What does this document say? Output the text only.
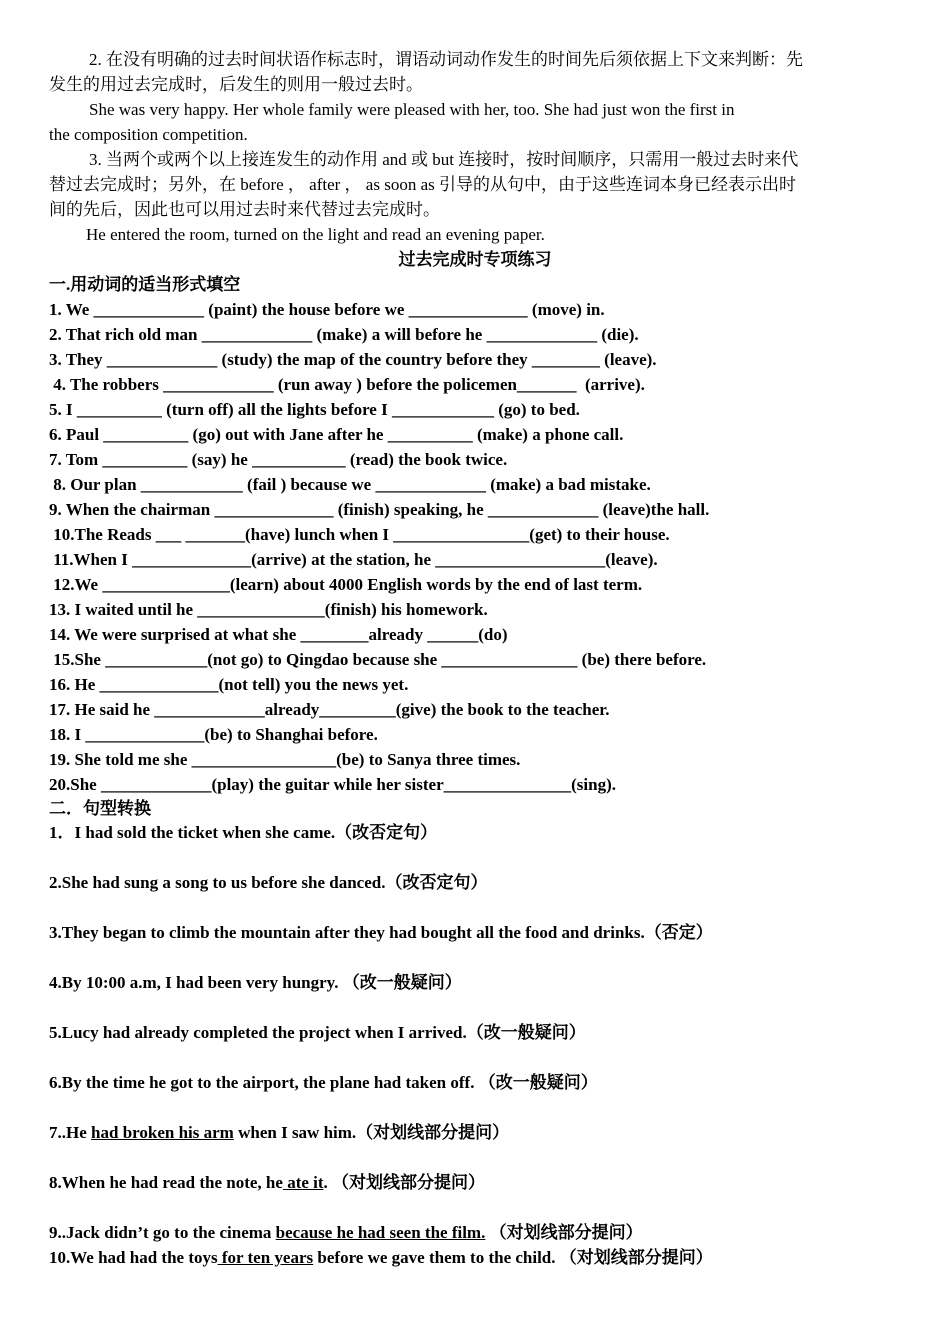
2. 在没有明确的过去时间状语作标志时，谓语动词动作发生的时间先后须依据上下文来判断：先
发生的用过去完成时，后发生的则用一般过去时。
She was very happy. Her whole family were pleased with her, too. She had just won the first in
the composition competition.
3. 当两个或两个以上接连发生的动作用 and 或 but 连接时，按时间顺序，只需用一般过去时来代
替过去完成时；另外，在 before ， after ， as soon as 引导的从句中，由于这些连词本身已经表示出时
间的先后，因此也可以用过去时来代替过去完成时。
He entered the room, turned on the light and read an evening paper.
过去完成时专项练习
一.用动词的适当形式填空
1. We _____________ (paint) the house before we ______________ (move) in.
2. That rich old man _____________ (make) a will before he _____________ (die).
3. They _____________ (study) the map of the country before they ________ (leave).
4. The robbers _____________ (run away ) before the policemen_______  (arrive).
5. I __________ (turn off) all the lights before I ____________ (go) to bed.
6. Paul __________ (go) out with Jane after he __________ (make) a phone call.
7. Tom __________ (say) he ___________ (read) the book twice.
8. Our plan ____________ (fail ) because we _____________ (make) a bad mistake.
9. When the chairman ______________ (finish) speaking, he _____________ (leave)the hall.
10.The Reads ___ _______(have) lunch when I ________________(get) to their house.
11.When I ______________(arrive) at the station, he ____________________(leave).
12.We _______________(learn) about 4000 English words by the end of last term.
13. I waited until he _______________(finish) his homework.
14. We were surprised at what she ________already ______(do)
15.She ____________(not go) to Qingdao because she ________________ (be) there before.
16. He ______________(not tell) you the news yet.
17. He said he _____________already_________(give) the book to the teacher.
18. I ______________(be) to Shanghai before.
19. She told me she _________________(be) to Sanya three times.
20.She _____________(play) the guitar while her sister_______________(sing).
二．句型转换
1．I had sold the ticket when she came.（改否定句）
2.She had sung a song to us before she danced.（改否定句）
3.They began to climb the mountain after they had bought all the food and drinks.（否定）
4.By 10:00 a.m, I had been very hungry. （改一般疑问）
5.Lucy had already completed the project when I arrived.（改一般疑问）
6.By the time he got to the airport, the plane had taken off. （改一般疑问）
7..He had broken his arm when I saw him.（对划线部分提问）
8.When he had read the note, he ate it. （对划线部分提问）
9..Jack didn’t go to the cinema because he had seen the film. （对划线部分提问）
10.We had had the toys for ten years before we gave them to the child. （对划线部分提问）
